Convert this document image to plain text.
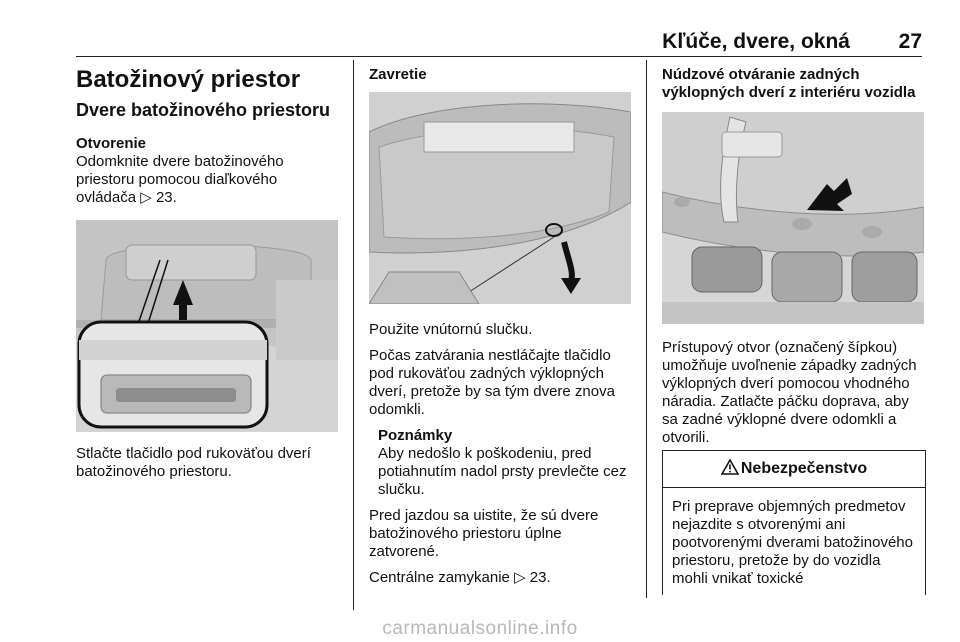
Kľúče, dvere, okná 27
Batožinový priestor
Dvere batožinového priestoru
Otvorenie

Odomknite dvere batožinového priestoru pomocou diaľkového ovládača ▷ 23.

Stlačte tlačidlo pod rukoväťou dverí batožinového priestoru.

Zavretie

Použite vnútornú slučku.

Počas zatvárania nestláčajte tlačidlo pod rukoväťou zadných výklopných dverí, pretože by sa tým dvere znova odomkli.

Poznámky

Aby nedošlo k poškodeniu, pred potiahnutím nadol prsty prevlečte cez slučku.

Pred jazdou sa uistite, že sú dvere batožinového priestoru úplne zatvorené.

Centrálne zamykanie ▷ 23.

Núdzové otváranie zadných výklopných dverí z interiéru vozidla

Prístupový otvor (označený šípkou) umožňuje uvoľnenie západky zadných výklopných dverí pomocou vhodného náradia. Zatlačte páčku doprava, aby sa zadné výklopné dvere odomkli a otvorili.

Nebezpečenstvo

Pri preprave objemných predmetov nejazdite s otvorenými ani pootvorenými dverami batožinového priestoru, pretože by do vozidla mohli vnikať toxické

carmanualsonline.info
